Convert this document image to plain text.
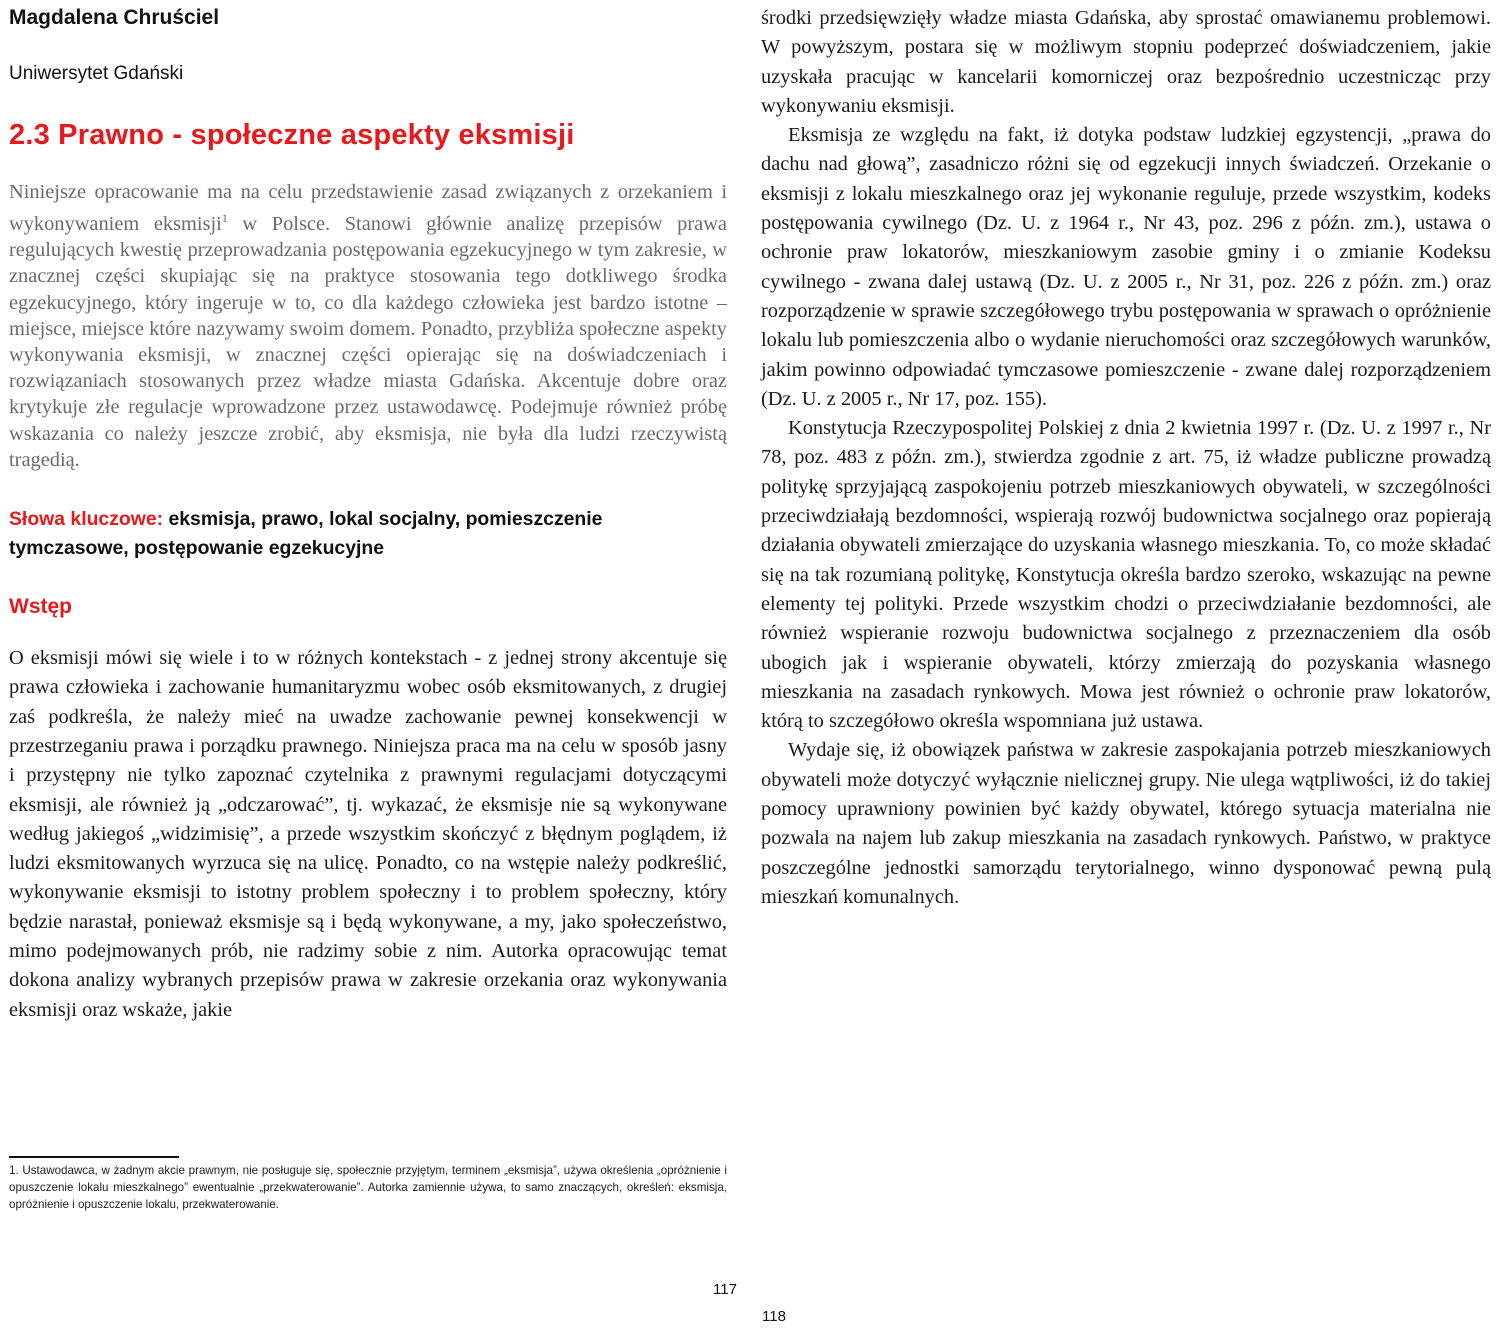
Magdalena Chruściel

Uniwersytet Gdański

2.3 Prawno - społeczne aspekty eksmisji

Niniejsze opracowanie ma na celu przedstawienie zasad związanych z orzekaniem i wykonywaniem eksmisji$^1$ w Polsce. Stanowi głównie analizę przepisów prawa regulujących kwestię przeprowadzania postępowania egzekucyjnego w tym zakresie, w znacznej części skupiając się na praktyce stosowania tego dotkliwego środka egzekucyjnego, który ingeruje w to, co dla każdego człowieka jest bardzo istotne – miejsce, miejsce które nazywamy swoim domem. Ponadto, przybliża społeczne aspekty wykonywania eksmisji, w znacznej części opierając się na doświadczeniach i rozwiązaniach stosowanych przez władze miasta Gdańska. Akcentuje dobre oraz krytykuje złe regulacje wprowadzone przez ustawodawcę. Podejmuje również próbę wskazania co należy jeszcze zrobić, aby eksmisja, nie była dla ludzi rzeczywistą tragedią.

Słowa kluczowe: eksmisja, prawo, lokal socjalny, pomieszczenie tymczasowe, postępowanie egzekucyjne

Wstęp

O eksmisji mówi się wiele i to w różnych kontekstach - z jednej strony akcentuje się prawa człowieka i zachowanie humanitaryzmu wobec osób eksmitowanych, z drugiej zaś podkreśla, że należy mieć na uwadze zachowanie pewnej konsekwencji w przestrzeganiu prawa i porządku prawnego. Niniejsza praca ma na celu w sposób jasny i przystępny nie tylko zapoznać czytelnika z prawnymi regulacjami dotyczącymi eksmisji, ale również ją „odczarować”, tj. wykazać, że eksmisje nie są wykonywane według jakiegoś „widzimisię”, a przede wszystkim skończyć z błędnym poglądem, iż ludzi eksmitowanych wyrzuca się na ulicę. Ponadto, co na wstępie należy podkreślić, wykonywanie eksmisji to istotny problem społeczny i to problem społeczny, który będzie narastał, ponieważ eksmisje są i będą wykonywane, a my, jako społeczeństwo, mimo podejmowanych prób, nie radzimy sobie z nim. Autorka opracowując temat dokona analizy wybranych przepisów prawa w zakresie orzekania oraz wykonywania eksmisji oraz wskaże, jakie

1. Ustawodawca, w żadnym akcie prawnym, nie posługuje się, społecznie przyjętym, terminem „eksmisja”, używa określenia „opróżnienie i opuszczenie lokalu mieszkalnego” ewentualnie „przekwaterowanie”. Autorka zamiennie używa, to samo znaczących, określeń: eksmisja, opróżnienie i opuszczenie lokalu, przekwaterowanie.

środki przedsięwzięły władze miasta Gdańska, aby sprostać omawianemu problemowi. W powyższym, postara się w możliwym stopniu podeprzeć doświadczeniem, jakie uzyskała pracując w kancelarii komorniczej oraz bezpośrednio uczestnicząc przy wykonywaniu eksmisji.

Eksmisja ze względu na fakt, iż dotyka podstaw ludzkiej egzystencji, „prawa do dachu nad głową”, zasadniczo różni się od egzekucji innych świadczeń. Orzekanie o eksmisji z lokalu mieszkalnego oraz jej wykonanie reguluje, przede wszystkim, kodeks postępowania cywilnego (Dz. U. z 1964 r., Nr 43, poz. 296 z późn. zm.), ustawa o ochronie praw lokatorów, mieszkaniowym zasobie gminy i o zmianie Kodeksu cywilnego - zwana dalej ustawą (Dz. U. z 2005 r., Nr 31, poz. 226 z późn. zm.) oraz rozporządzenie w sprawie szczegółowego trybu postępowania w sprawach o opróżnienie lokalu lub pomieszczenia albo o wydanie nieruchomości oraz szczegółowych warunków, jakim powinno odpowiadać tymczasowe pomieszczenie - zwane dalej rozporządzeniem (Dz. U. z 2005 r., Nr 17, poz. 155).

Konstytucja Rzeczypospolitej Polskiej z dnia 2 kwietnia 1997 r. (Dz. U. z 1997 r., Nr 78, poz. 483 z późn. zm.), stwierdza zgodnie z art. 75, iż władze publiczne prowadzą politykę sprzyjającą zaspokojeniu potrzeb mieszkaniowych obywateli, w szczególności przeciwdziałają bezdomności, wspierają rozwój budownictwa socjalnego oraz popierają działania obywateli zmierzające do uzyskania własnego mieszkania. To, co może składać się na tak rozumianą politykę, Konstytucja określa bardzo szeroko, wskazując na pewne elementy tej polityki. Przede wszystkim chodzi o przeciwdziałanie bezdomności, ale również wspieranie rozwoju budownictwa socjalnego z przeznaczeniem dla osób ubogich jak i wspieranie obywateli, którzy zmierzają do pozyskania własnego mieszkania na zasadach rynkowych. Mowa jest również o ochronie praw lokatorów, którą to szczegółowo określa wspomniana już ustawa.

Wydaje się, iż obowiązek państwa w zakresie zaspokajania potrzeb mieszkaniowych obywateli może dotyczyć wyłącznie nielicznej grupy. Nie ulega wątpliwości, iż do takiej pomocy uprawniony powinien być każdy obywatel, którego sytuacja materialna nie pozwala na najem lub zakup mieszkania na zasadach rynkowych. Państwo, w praktyce poszczególne jednostki samorządu terytorialnego, winno dysponować pewną pulą mieszkań komunalnych.

117
118
